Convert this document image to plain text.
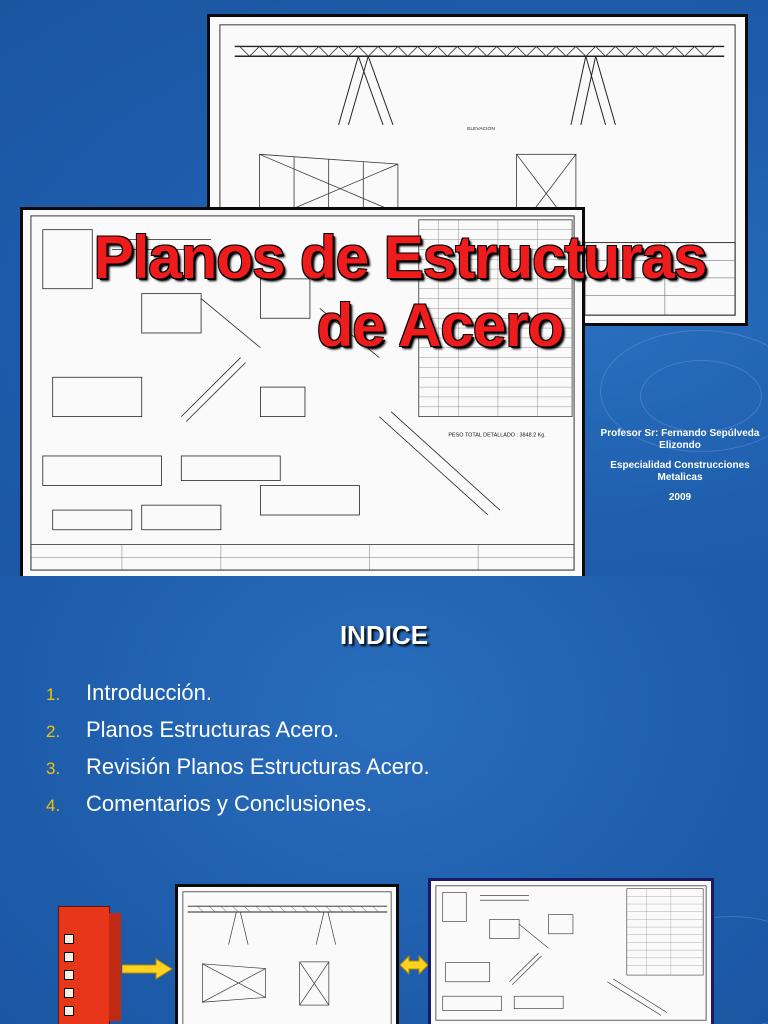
ELEVACION
PESO TOTAL DETALLADO : 3848.2 Kg.
Planos de Estructuras
de Acero
Profesor Sr: Fernando Sepúlveda Elizondo
Especialidad Construcciones Metalicas
2009
INDICE
1.	Introducción.
2.	Planos Estructuras Acero.
3.	Revisión Planos Estructuras Acero.
4.	Comentarios y Conclusiones.
